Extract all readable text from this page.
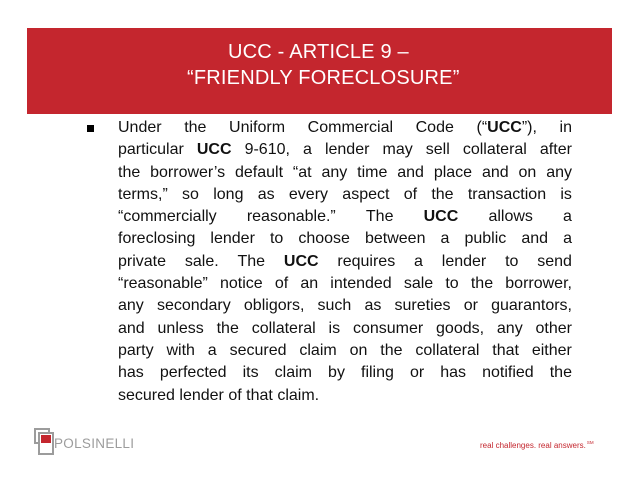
UCC - ARTICLE 9 –
“FRIENDLY FORECLOSURE”
Under the Uniform Commercial Code (“UCC”), in
particular UCC 9-610, a lender may sell collateral after
the borrower’s default “at any time and place and on any
terms,” so long as every aspect of the transaction is
“commercially reasonable.” The UCC allows a
foreclosing lender to choose between a public and a
private sale. The UCC requires a lender to send
“reasonable” notice of an intended sale to the borrower,
any secondary obligors, such as sureties or guarantors,
and unless the collateral is consumer goods, any other
party with a secured claim on the collateral that either
has perfected its claim by filing or has notified the
secured lender of that claim.
POLSINELLI	real challenges. real answers.℠
